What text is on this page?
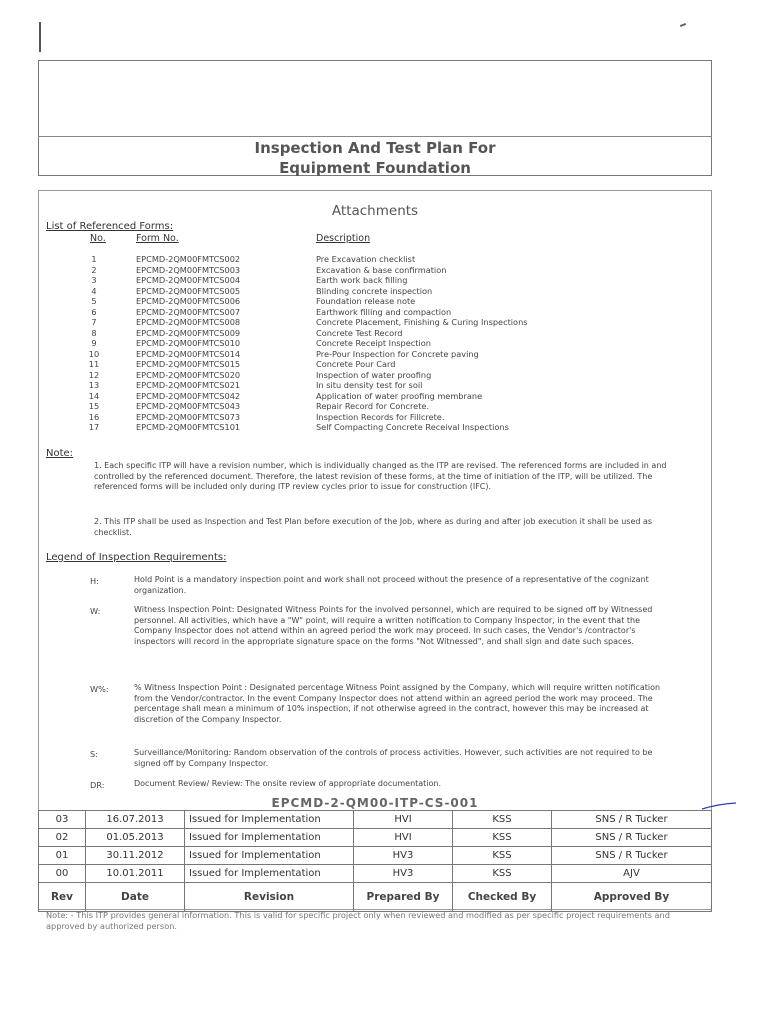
Inspection And Test Plan For
Equipment Foundation
Attachments
List of Referenced Forms:
No.	Form No.	Description
1	EPCMD-2QM00FMTCS002	Pre Excavation checklist
2	EPCMD-2QM00FMTCS003	Excavation & base confirmation
3	EPCMD-2QM00FMTCS004	Earth work back filling
4	EPCMD-2QM00FMTCS005	Blinding concrete inspection
5	EPCMD-2QM00FMTCS006	Foundation release note
6	EPCMD-2QM00FMTCS007	Earthwork filling and compaction
7	EPCMD-2QM00FMTCS008	Concrete Placement, Finishing & Curing Inspections
8	EPCMD-2QM00FMTCS009	Concrete Test Record
9	EPCMD-2QM00FMTCS010	Concrete Receipt Inspection
10	EPCMD-2QM00FMTCS014	Pre-Pour Inspection for Concrete paving
11	EPCMD-2QM00FMTCS015	Concrete Pour Card
12	EPCMD-2QM00FMTCS020	Inspection of water proofing
13	EPCMD-2QM00FMTCS021	In situ density test for soil
14	EPCMD-2QM00FMTCS042	Application of water proofing membrane
15	EPCMD-2QM00FMTCS043	Repair Record for Concrete.
16	EPCMD-2QM00FMTCS073	Inspection Records for Fillcrete.
17	EPCMD-2QM00FMTCS101	Self Compacting Concrete Receival Inspections
Note:
1. Each specific ITP will have a revision number, which is individually changed as the ITP are revised. The referenced forms are included in and controlled by the referenced document. Therefore, the latest revision of these forms, at the time of initiation of the ITP, will be utilized. The referenced forms will be included only during ITP review cycles prior to issue for construction (IFC).
2. This ITP shall be used as Inspection and Test Plan before execution of the Job, where as during and after job execution it shall be used as checklist.
Legend of Inspection Requirements:
H:	Hold Point is a mandatory inspection point and work shall not proceed without the presence of a representative of the cognizant organization.
W:	Witness Inspection Point: Designated Witness Points for the involved personnel, which are required to be signed off by Witnessed personnel. All activities, which have a "W" point, will require a written notification to Company Inspector, in the event that the Company Inspector does not attend within an agreed period the work may proceed. In such cases, the Vendor's /contractor's inspectors will record in the appropriate signature space on the forms "Not Witnessed", and shall sign and date such spaces.
W%:	% Witness Inspection Point : Designated percentage Witness Point assigned by the Company, which will require written notification from the Vendor/contractor. In the event Company Inspector does not attend within an agreed period the work may proceed. The percentage shall mean a minimum of 10% inspection, if not otherwise agreed in the contract, however this may be increased at discretion of the Company Inspector.
S:	Surveillance/Monitoring: Random observation of the controls of process activities. However, such activities are not required to be signed off by Company Inspector.
DR:	Document Review/ Review: The onsite review of appropriate documentation.
EPCMD-2-QM00-ITP-CS-001					
03	16.07.2013	Issued for Implementation	HVI	KSS	SNS / R Tucker
02	01.05.2013	Issued for Implementation	HVI	KSS	SNS / R Tucker
01	30.11.2012	Issued for Implementation	HV3	KSS	SNS / R Tucker
00	10.01.2011	Issued for Implementation	HV3	KSS	AJV
Rev	Date	Revision	Prepared By	Checked By	Approved By
Note: - This ITP provides general information. This is valid for specific project only when reviewed and modified as per specific project requirements and approved by authorized person.
